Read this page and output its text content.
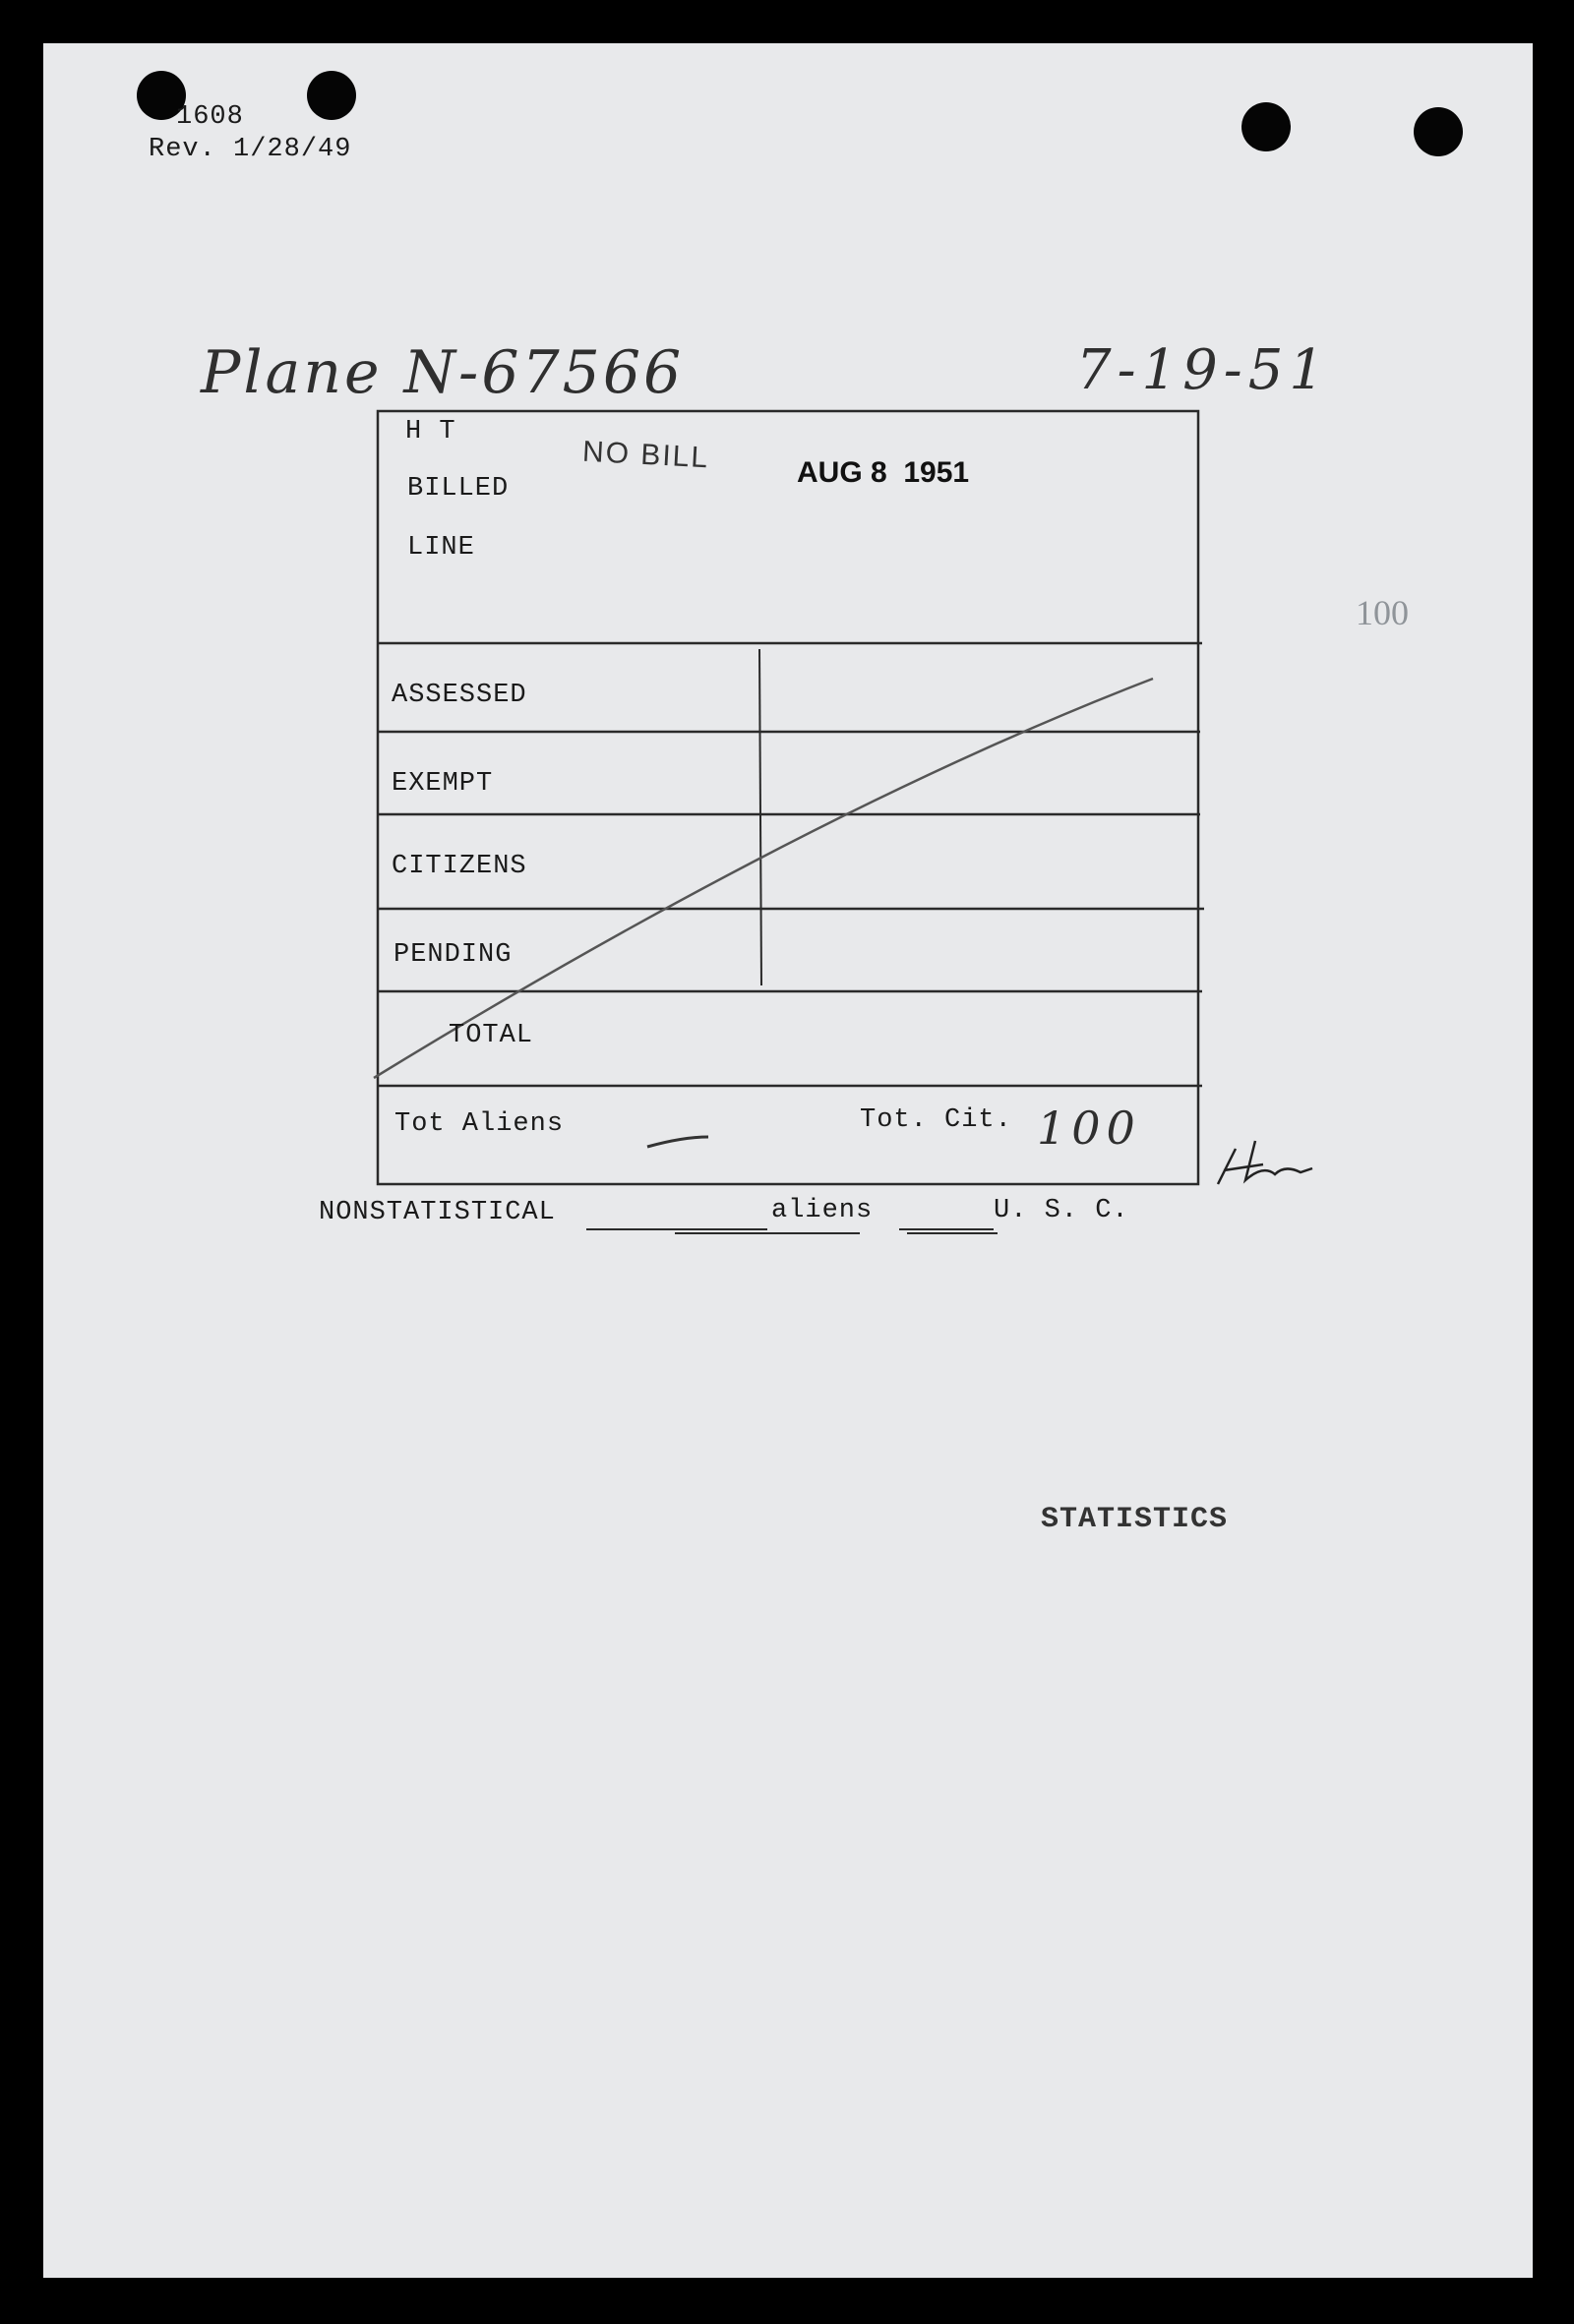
1608
Rev. 1/28/49
Plane N-67566	7-19-51
H T
BILLED
LINE
NO BILL	AUG 8  1951
100
ASSESSED
EXEMPT
CITIZENS
PENDING
TOTAL
Tot Aliens	Tot. Cit. 100
NONSTATISTICAL	aliens	U. S. C.
STATISTICS
